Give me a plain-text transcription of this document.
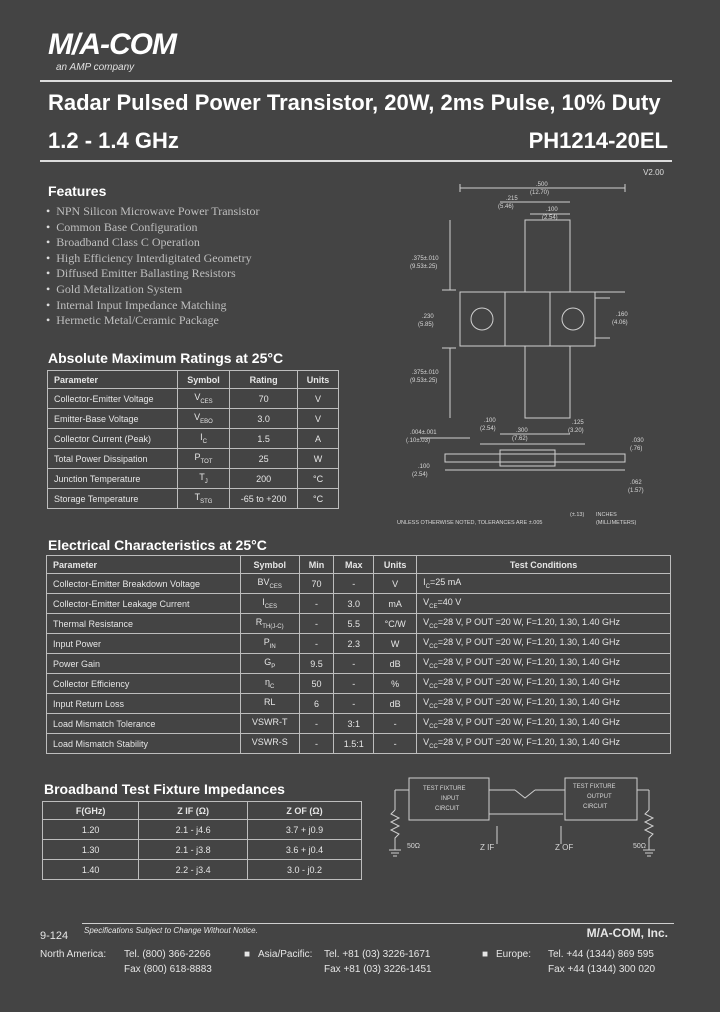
M/A-COM
an AMP company
Radar Pulsed Power Transistor, 20W, 2ms Pulse, 10% Duty
1.2 - 1.4 GHz	PH1214-20EL
V2.00
Features
• NPN Silicon Microwave Power Transistor
• Common Base Configuration
• Broadband Class C Operation
• High Efficiency Interdigitated Geometry
• Diffused Emitter Ballasting Resistors
• Gold Metalization System
• Internal Input Impedance Matching
• Hermetic Metal/Ceramic Package
.500
(12.70)
.215
(5.46)	.100
(2.54)
.375±.010
(9.53±.25)
.230
(5.85)
.160
(4.06)
.375±.010
(9.53±.25)
.100
(2.54)	.300
(7.62)
.125
(3.20)
.004±.001
(.10±.03)
.100
(2.54)
.030
(.76)
.062
(1.57)
UNLESS OTHERWISE NOTED, TOLERANCES ARE ±.005
(±.13) INCHES
(MILLIMETERS)
Absolute Maximum Ratings at 25°C
Parameter	Symbol	Rating	Units
Collector-Emitter Voltage	$V_{CES}$	70	V
Emitter-Base Voltage	$V_{EBO}$	3.0	V
Collector Current (Peak)	$I_C$	1.5	A
Total Power Dissipation	$P_{TOT}$	25	W
Junction Temperature	$T_J$	200	°C
Storage Temperature	$T_{STG}$	-65 to +200	°C
Electrical Characteristics at 25°C
Parameter	Symbol	Min	Max	Units	Test Conditions
Collector-Emitter Breakdown Voltage	$BV_{CES}$	70	-	V	$I_C=25$ mA
Collector-Emitter Leakage Current	$I_{CES}$	-	3.0	mA	$V_{CE}=40$ V
Thermal Resistance	$R_{TH(J-C)}$	-	5.5	°C/W	$V_{CC}=28$ V, P OUT =20 W, F=1.20, 1.30, 1.40 GHz
Input Power	$P_{IN}$	-	2.3	W	$V_{CC}=28$ V, P OUT =20 W, F=1.20, 1.30, 1.40 GHz
Power Gain	$G_P$	9.5	-	dB	$V_{CC}=28$ V, P OUT =20 W, F=1.20, 1.30, 1.40 GHz
Collector Efficiency	$\eta_C$	50	-	%	$V_{CC}=28$ V, P OUT =20 W, F=1.20, 1.30, 1.40 GHz
Input Return Loss	RL	6	-	dB	$V_{CC}=28$ V, P OUT =20 W, F=1.20, 1.30, 1.40 GHz
Load Mismatch Tolerance	VSWR-T	-	3:1	-	$V_{CC}=28$ V, P OUT =20 W, F=1.20, 1.30, 1.40 GHz
Load Mismatch Stability	VSWR-S	-	1.5:1	-	$V_{CC}=28$ V, P OUT =20 W, F=1.20, 1.30, 1.40 GHz
Broadband Test Fixture Impedances
F(GHz)	Z IF (Ω)	Z OF (Ω)
1.20	2.1 - j4.6	3.7 + j0.9
1.30	2.1 - j3.8	3.6 + j0.4
1.40	2.2 - j3.4	3.0 - j0.2
TEST FIXTURE
INPUT
CIRCUIT
TEST FIXTURE
OUTPUT
CIRCUIT
50Ω	50Ω
Z IF	Z OF
9-124 Specifications Subject to Change Without Notice.	M/A-COM, Inc.
North America: Tel. (800) 366-2266
Fax (800) 618-8883
■ Asia/Pacific: Tel. +81 (03) 3226-1671
Fax +81 (03) 3226-1451
■ Europe: Tel. +44 (1344) 869 595
Fax +44 (1344) 300 020
